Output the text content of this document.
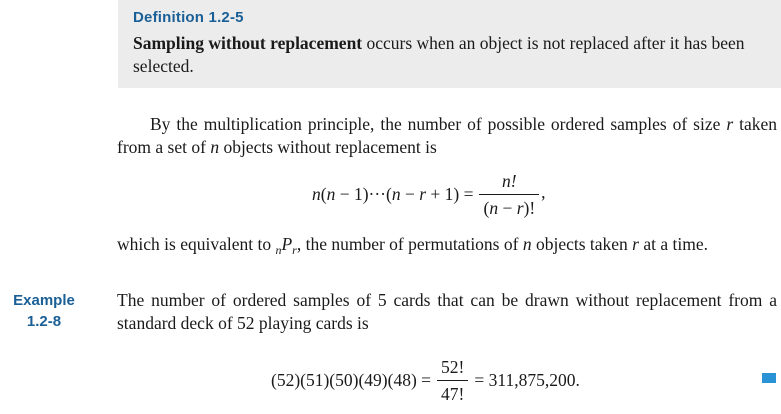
Definition 1.2-5
Sampling without replacement occurs when an object is not replaced after it has been selected.
By the multiplication principle, the number of possible ordered samples of size r taken from a set of n objects without replacement is
$n(n - 1)\cdot\cdot\cdot(n - r + 1) = \frac{n!}{(n - r)!}$ ,
which is equivalent to $_nP_r$, the number of permutations of n objects taken r at a time.
Example
1.2-8
The number of ordered samples of 5 cards that can be drawn without replacement from a standard deck of 52 playing cards is
$(52)(51)(50)(49)(48) = \frac{52!}{47!} = 311,875,200$.
